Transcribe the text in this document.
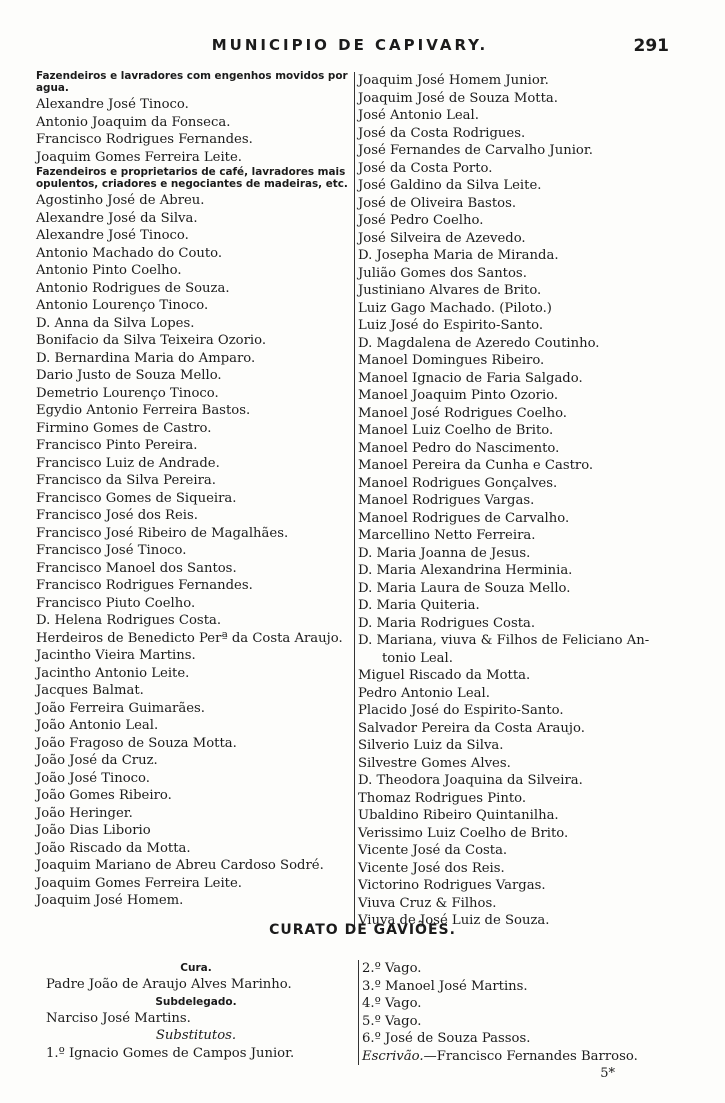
MUNICIPIO DE CAPIVARY.	291
Fazendeiros e lavradores com engenhos movidos por agua.
Alexandre José Tinoco.
Antonio Joaquim da Fonseca.
Francisco Rodrigues Fernandes.
Joaquim Gomes Ferreira Leite.
Fazendeiros e proprietarios de café, lavradores mais opulentos, criadores e negociantes de madeiras, etc.
Agostinho José de Abreu.
Alexandre José da Silva.
Alexandre José Tinoco.
Antonio Machado do Couto.
Antonio Pinto Coelho.
Antonio Rodrigues de Souza.
Antonio Lourenço Tinoco.
D. Anna da Silva Lopes.
Bonifacio da Silva Teixeira Ozorio.
D. Bernardina Maria do Amparo.
Dario Justo de Souza Mello.
Demetrio Lourenço Tinoco.
Egydio Antonio Ferreira Bastos.
Firmino Gomes de Castro.
Francisco Pinto Pereira.
Francisco Luiz de Andrade.
Francisco da Silva Pereira.
Francisco Gomes de Siqueira.
Francisco José dos Reis.
Francisco José Ribeiro de Magalhães.
Francisco José Tinoco.
Francisco Manoel dos Santos.
Francisco Rodrigues Fernandes.
Francisco Piuto Coelho.
D. Helena Rodrigues Costa.
Herdeiros de Benedicto Perª da Costa Araujo.
Jacintho Vieira Martins.
Jacintho Antonio Leite.
Jacques Balmat.
João Ferreira Guimarães.
João Antonio Leal.
João Fragoso de Souza Motta.
João José da Cruz.
João José Tinoco.
João Gomes Ribeiro.
João Heringer.
João Dias Liborio
João Riscado da Motta.
Joaquim Mariano de Abreu Cardoso Sodré.
Joaquim Gomes Ferreira Leite.
Joaquim José Homem.
Joaquim José Homem Junior.
Joaquim José de Souza Motta.
José Antonio Leal.
José da Costa Rodrigues.
José Fernandes de Carvalho Junior.
José da Costa Porto.
José Galdino da Silva Leite.
José de Oliveira Bastos.
José Pedro Coelho.
José Silveira de Azevedo.
D. Josepha Maria de Miranda.
Julião Gomes dos Santos.
Justiniano Alvares de Brito.
Luiz Gago Machado. (Piloto.)
Luiz José do Espirito-Santo.
D. Magdalena de Azeredo Coutinho.
Manoel Domingues Ribeiro.
Manoel Ignacio de Faria Salgado.
Manoel Joaquim Pinto Ozorio.
Manoel José Rodrigues Coelho.
Manoel Luiz Coelho de Brito.
Manoel Pedro do Nascimento.
Manoel Pereira da Cunha e Castro.
Manoel Rodrigues Gonçalves.
Manoel Rodrigues Vargas.
Manoel Rodrigues de Carvalho.
Marcellino Netto Ferreira.
D. Maria Joanna de Jesus.
D. Maria Alexandrina Herminia.
D. Maria Laura de Souza Mello.
D. Maria Quiteria.
D. Maria Rodrigues Costa.
D. Mariana, viuva & Filhos de Feliciano An-
tonio Leal.
Miguel Riscado da Motta.
Pedro Antonio Leal.
Placido José do Espirito-Santo.
Salvador Pereira da Costa Araujo.
Silverio Luiz da Silva.
Silvestre Gomes Alves.
D. Theodora Joaquina da Silveira.
Thomaz Rodrigues Pinto.
Ubaldino Ribeiro Quintanilha.
Verissimo Luiz Coelho de Brito.
Vicente José da Costa.
Vicente José dos Reis.
Victorino Rodrigues Vargas.
Viuva Cruz & Filhos.
Viuva de José Luiz de Souza.
CURATO DE GAVIÕES.
Cura.
Padre João de Araujo Alves Marinho.
Subdelegado.
Narciso José Martins.
Substitutos.
1.º Ignacio Gomes de Campos Junior.
2.º Vago.
3.º Manoel José Martins.
4.º Vago.
5.º Vago.
6.º José de Souza Passos.
Escrivão.—Francisco Fernandes Barroso.
5*
